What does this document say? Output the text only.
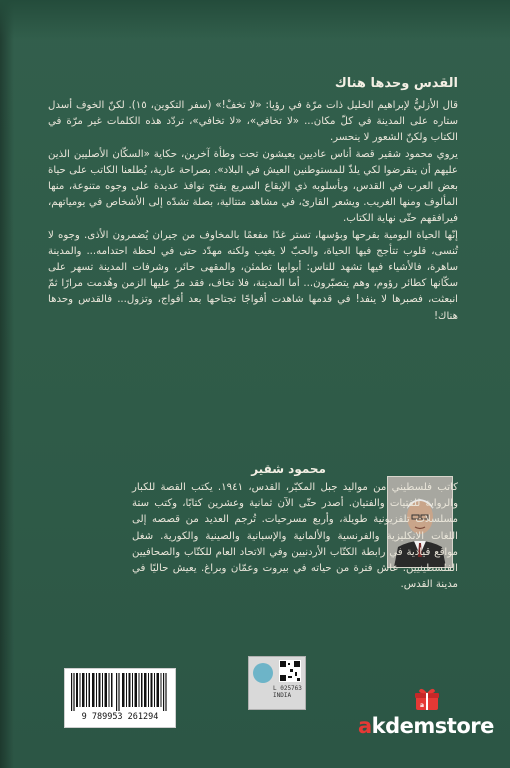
القدس وحدها هناك

قال الأزليُّ لإبراهيم الخليل ذات مرّة في رؤيا: «لا تخفْ!» (سفر التكوين، ١٥). لكنّ الخوف أسدل ستاره على المدينة في كلّ مكان... «لا تخافي»، «لا تخافي»، تردّد هذه الكلمات غير مرّة في الكتاب ولكنّ الشعور لا ينحسر.

يروي محمود شقير قصة أناس عاديين يعيشون تحت وطأة آخرين، حكاية «السكّان الأصليين الذين عليهم أن ينقرضوا لكي يلذّ للمستوطنين العيش في البلاد». بصراحة عارية، يُطلعنا الكاتب على حياة بعض العرب في القدس، وبأسلوبه ذي الإيقاع السريع يفتح نوافذ عديدة على وجوه متنوعة، منها المألوف ومنها الغريب. ويشعر القارئ، في مشاهد متتالية، بصلة تشدّه إلى الأشخاص في يومياتهم، فيرافقهم حتّى نهاية الكتاب.

إنّها الحياة اليومية بفرحها وبؤسها، تستر غدًا مفعمًا بالمخاوف من جيران يُضمرون الأذى. وجوه لا تُنسى، قلوب تتأجج فيها الحياة، والحبّ لا يغيب ولكنه مهدّد حتى في لحظة احتدامه... والمدينة ساهرة، فالأشياء فيها تشهد للناس: أبوابها تطمئن، والمقهى حائر، وشرفات المدينة تسهر على سكّانها كطائر رؤوم، وهم يتصبّرون... أما المدينة، فلا تخاف، فقد مرّ عليها الزمن وهُدمت مرارًا ثمّ انبعثت، فصبرها لا ينفد! في قدمها شاهدت أفواجًا تجتاحها بعد أفواج، وتزول... فالقدس وحدها هناك!

محمود شقير
كاتب فلسطيني من مواليد جبل المكبّر، القدس، ١٩٤١. يكتب القصة للكبار والرواية للفتيات والفتيان. أصدر حتّى الآن ثمانية وعشرين كتابًا، وكتب ستة مسلسلات تلفزيونية طويلة، وأربع مسرحيات. تُرجم العديد من قصصه إلى اللغات الانكليزية والفرنسية والألمانية والإسبانية والصينية والكورية. شغل مواقع قيادية في رابطة الكتّاب الأردنيين وفي الاتحاد العام للكتّاب والصحافيين الفلسطينيين. عاش فترة من حياته في بيروت وعمّان وبراغ. يعيش حاليًا في مدينة القدس.
9 789953 261294
L 025763
INDIA
a
akdemstore
